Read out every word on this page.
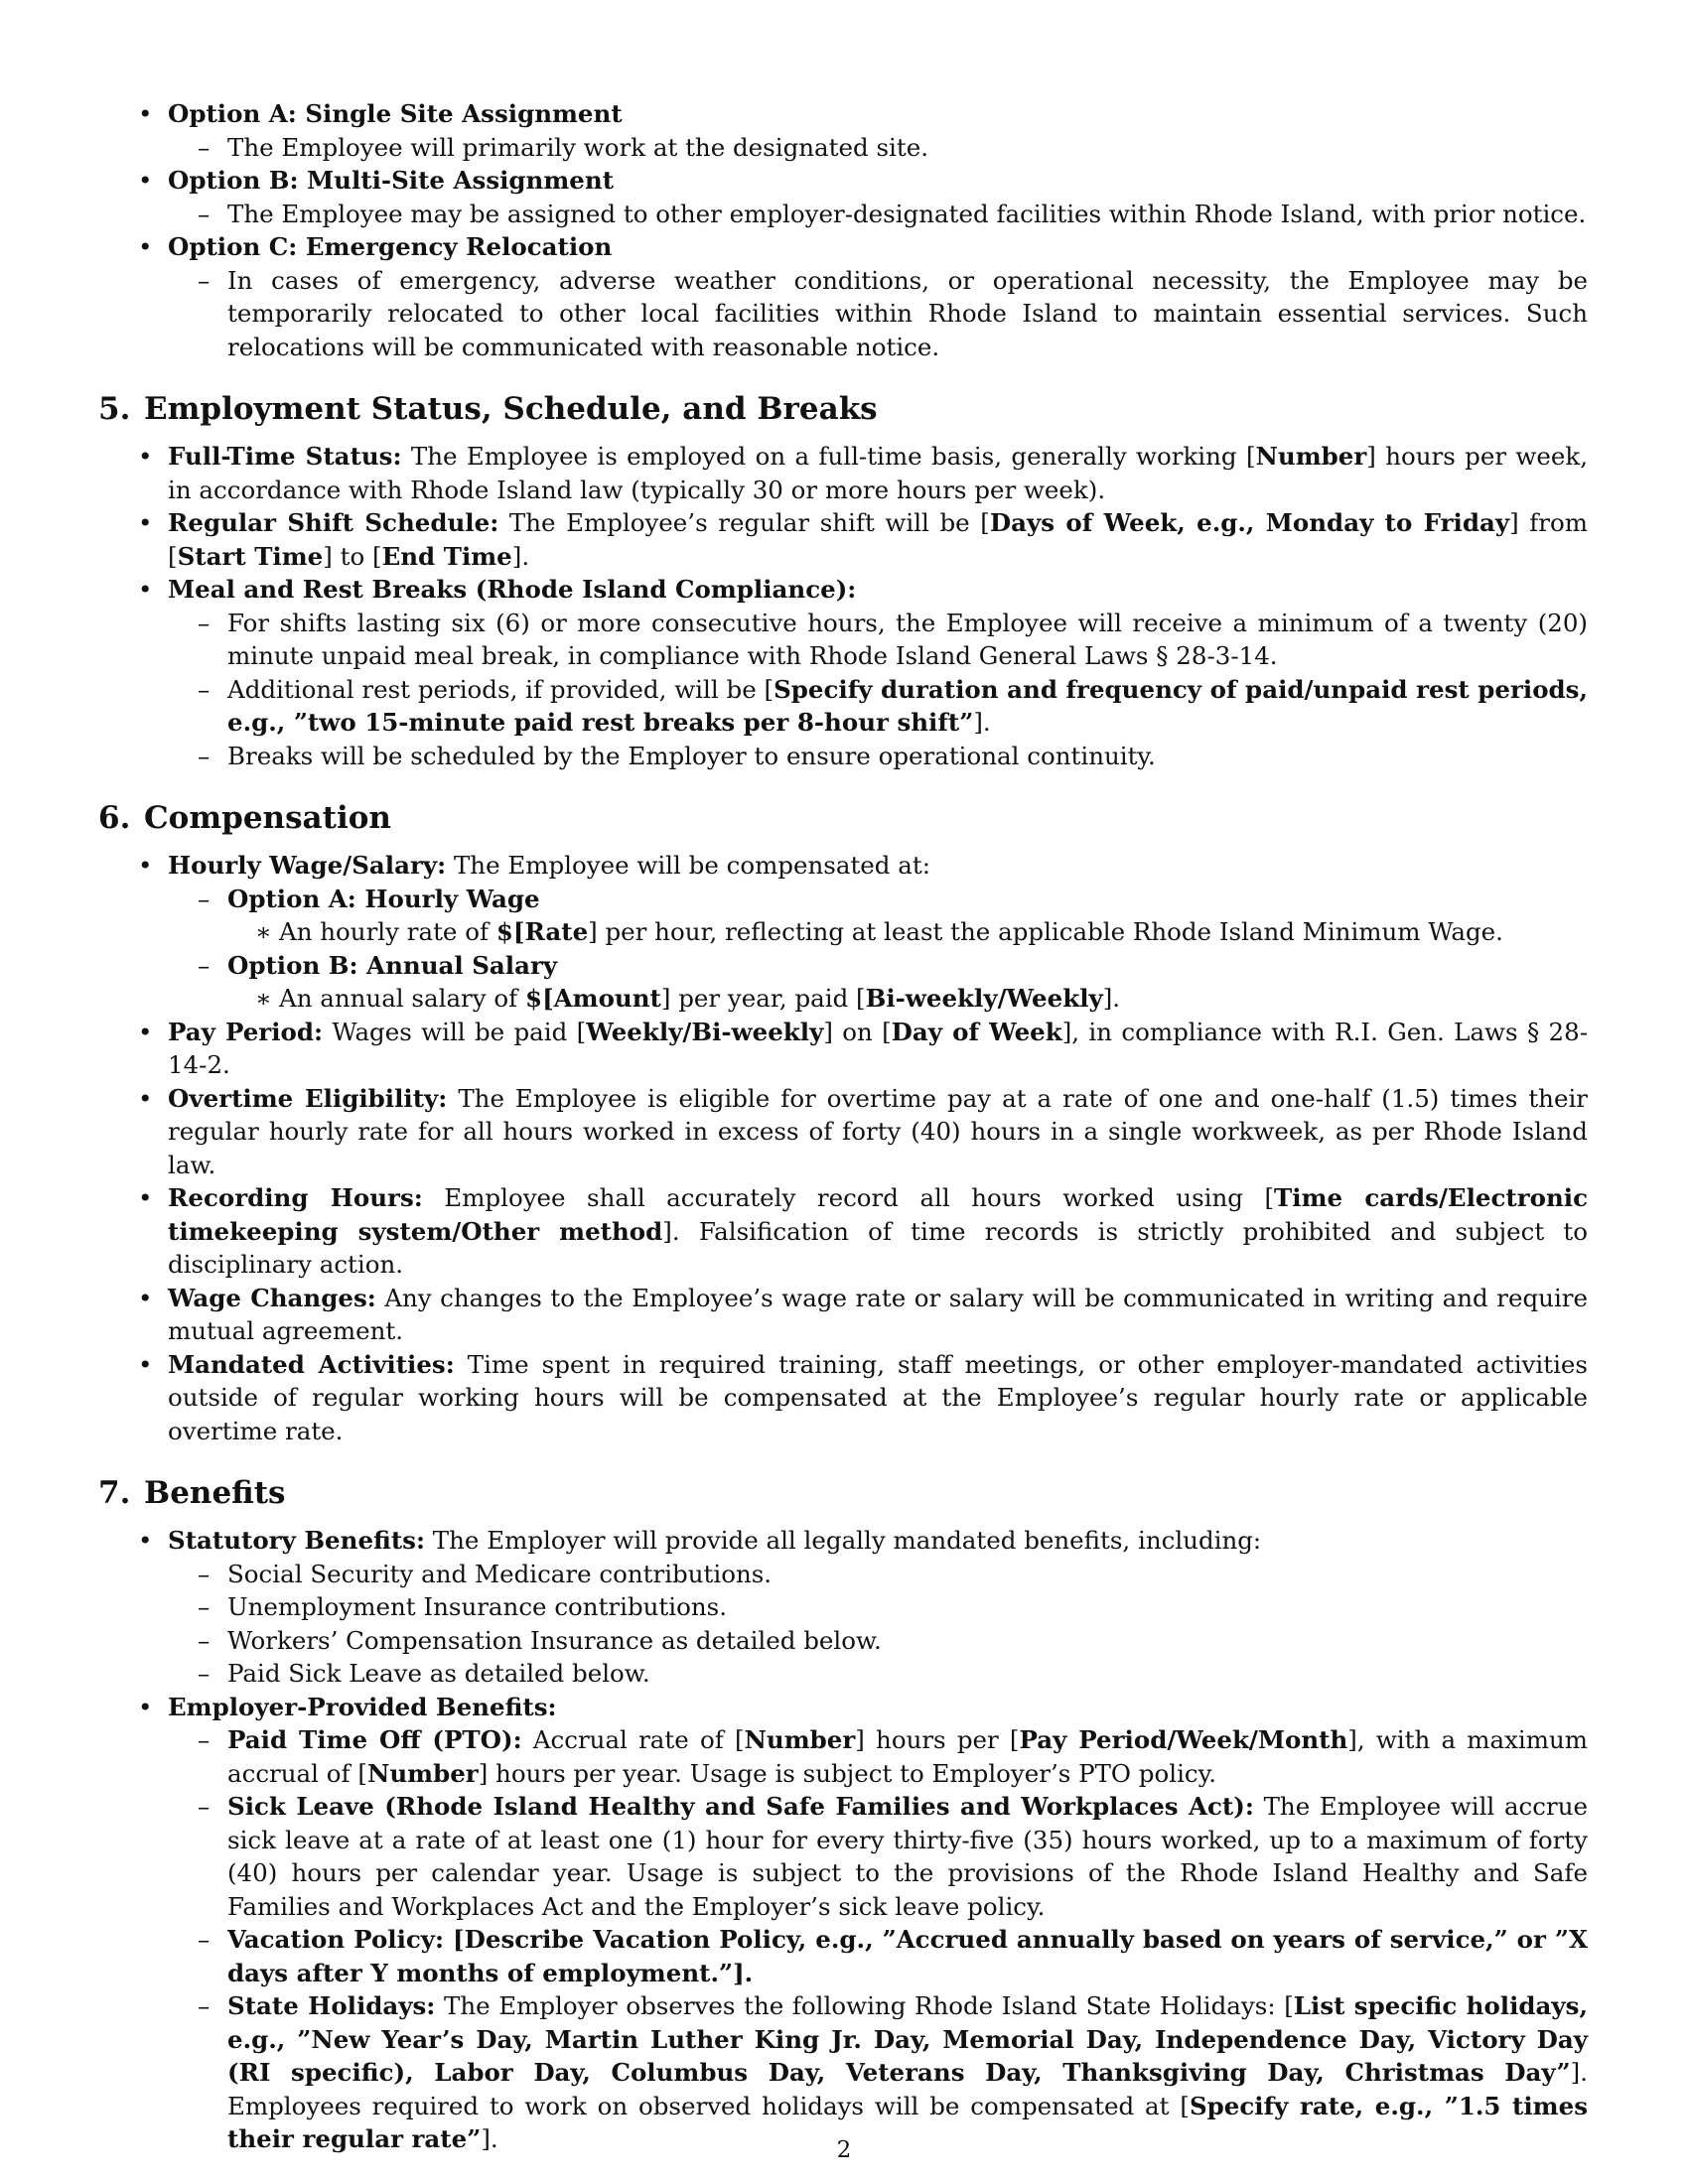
• Option A: Single Site Assignment
– The Employee will primarily work at the designated site.
• Option B: Multi-Site Assignment
– The Employee may be assigned to other employer-designated facilities within Rhode Island, with prior notice.
• Option C: Emergency Relocation
– In cases of emergency, adverse weather conditions, or operational necessity, the Employee may be temporarily relocated to other local facilities within Rhode Island to maintain essential services. Such relocations will be communicated with reasonable notice.
5. Employment Status, Schedule, and Breaks
• Full-Time Status: The Employee is employed on a full-time basis, generally working [Number] hours per week, in accordance with Rhode Island law (typically 30 or more hours per week).
• Regular Shift Schedule: The Employee’s regular shift will be [Days of Week, e.g., Monday to Friday] from [Start Time] to [End Time].
• Meal and Rest Breaks (Rhode Island Compliance):
– For shifts lasting six (6) or more consecutive hours, the Employee will receive a minimum of a twenty (20) minute unpaid meal break, in compliance with Rhode Island General Laws § 28-3-14.
– Additional rest periods, if provided, will be [Specify duration and frequency of paid/unpaid rest periods, e.g., ”two 15-minute paid rest breaks per 8-hour shift”].
– Breaks will be scheduled by the Employer to ensure operational continuity.
6. Compensation
• Hourly Wage/Salary: The Employee will be compensated at:
– Option A: Hourly Wage
∗ An hourly rate of $[Rate] per hour, reflecting at least the applicable Rhode Island Minimum Wage.
– Option B: Annual Salary
∗ An annual salary of $[Amount] per year, paid [Bi-weekly/Weekly].
• Pay Period: Wages will be paid [Weekly/Bi-weekly] on [Day of Week], in compliance with R.I. Gen. Laws § 28-14-2.
• Overtime Eligibility: The Employee is eligible for overtime pay at a rate of one and one-half (1.5) times their regular hourly rate for all hours worked in excess of forty (40) hours in a single workweek, as per Rhode Island law.
• Recording Hours: Employee shall accurately record all hours worked using [Time cards/Electronic timekeeping system/Other method]. Falsification of time records is strictly prohibited and subject to disciplinary action.
• Wage Changes: Any changes to the Employee’s wage rate or salary will be communicated in writing and require mutual agreement.
• Mandated Activities: Time spent in required training, staff meetings, or other employer-mandated activities outside of regular working hours will be compensated at the Employee’s regular hourly rate or applicable overtime rate.
7. Benefits
• Statutory Benefits: The Employer will provide all legally mandated benefits, including:
– Social Security and Medicare contributions.
– Unemployment Insurance contributions.
– Workers’ Compensation Insurance as detailed below.
– Paid Sick Leave as detailed below.
• Employer-Provided Benefits:
– Paid Time Off (PTO): Accrual rate of [Number] hours per [Pay Period/Week/Month], with a maximum accrual of [Number] hours per year. Usage is subject to Employer’s PTO policy.
– Sick Leave (Rhode Island Healthy and Safe Families and Workplaces Act): The Employee will accrue sick leave at a rate of at least one (1) hour for every thirty-five (35) hours worked, up to a maximum of forty (40) hours per calendar year. Usage is subject to the provisions of the Rhode Island Healthy and Safe Families and Workplaces Act and the Employer’s sick leave policy.
– Vacation Policy: [Describe Vacation Policy, e.g., ”Accrued annually based on years of service,” or ”X days after Y months of employment.”].
– State Holidays: The Employer observes the following Rhode Island State Holidays: [List specific holidays, e.g., ”New Year’s Day, Martin Luther King Jr. Day, Memorial Day, Independence Day, Victory Day (RI specific), Labor Day, Columbus Day, Veterans Day, Thanksgiving Day, Christmas Day”]. Employees required to work on observed holidays will be compensated at [Specify rate, e.g., ”1.5 times their regular rate”].	2
